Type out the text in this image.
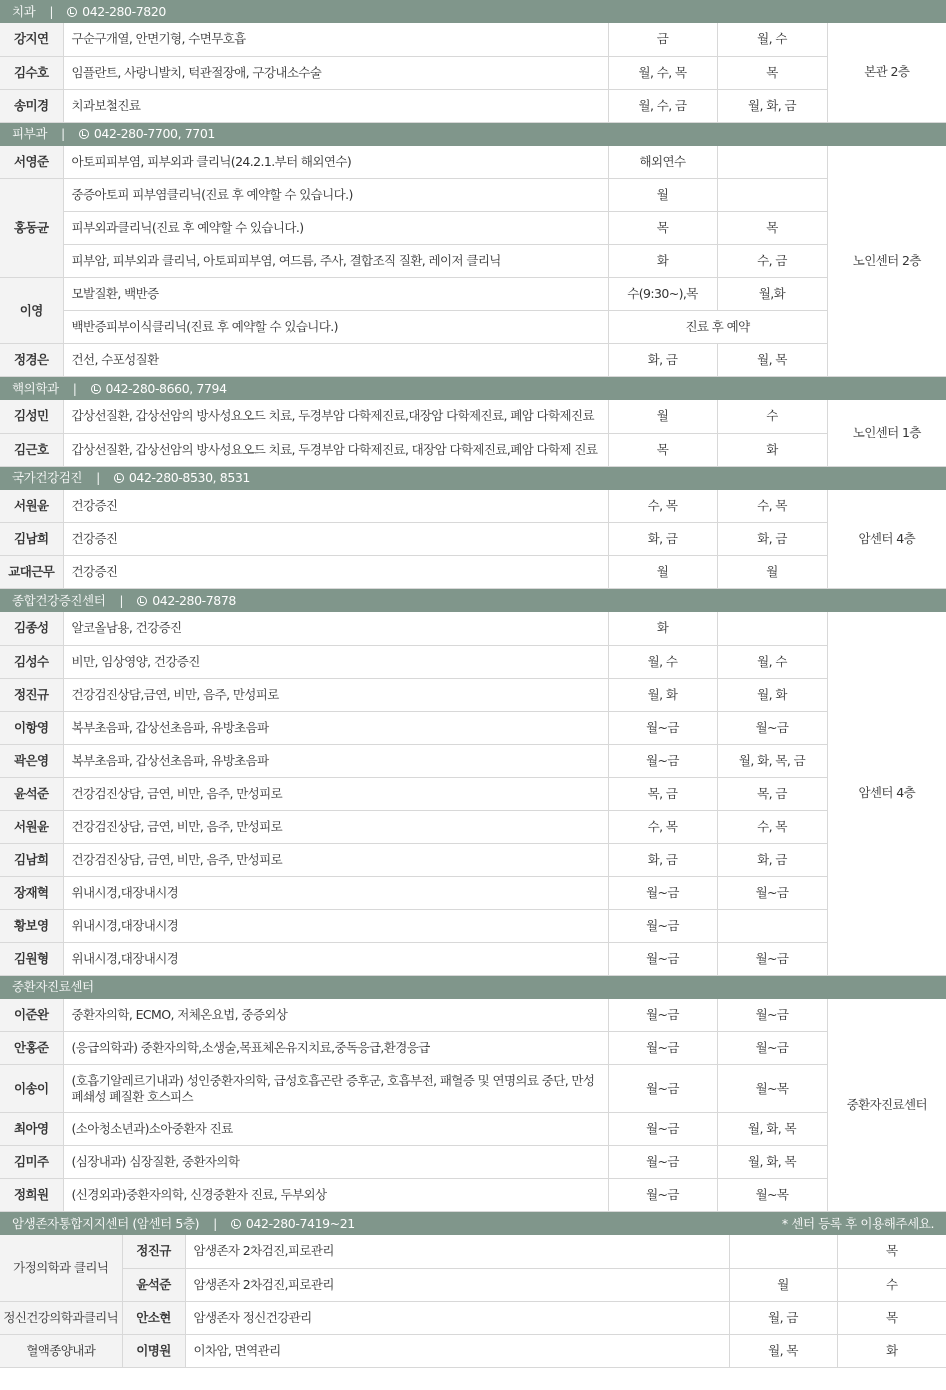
치과 | 042-280-7820				
강지연	구순구개열, 안면기형, 수면무호흡	금	월, 수	본관 2층
김수호	임플란트, 사랑니발치, 턱관절장애, 구강내소수술	월, 수, 목	목	
송미경	치과보철진료	월, 수, 금	월, 화, 금	
피부과 | 042-280-7700, 7701				
서영준	아토피피부염, 피부외과 클리닉(24.2.1.부터 해외연수)	해외연수		노인센터 2층
홍동균	중증아토피 피부염클리닉(진료 후 예약할 수 있습니다.)	월		
	피부외과클리닉(진료 후 예약할 수 있습니다.)	목	목	
	피부암, 피부외과 클리닉, 아토피피부염, 여드름, 주사, 결합조직 질환, 레이저 클리닉	화	수, 금	
이영	모발질환, 백반증	수(9:30~),목	월,화	
	백반증피부이식클리닉(진료 후 예약할 수 있습니다.)	진료 후 예약		
정경은	건선, 수포성질환	화, 금	월, 목	
핵의학과 | 042-280-8660, 7794				
김성민	갑상선질환, 갑상선암의 방사성요오드 치료, 두경부암 다학제진료,대장암 다학제진료, 폐암 다학제진료	월	수	노인센터 1층
김근호	갑상선질환, 갑상선암의 방사성요오드 치료, 두경부암 다학제진료, 대장암 다학제진료,폐암 다학제 진료	목	화	
국가건강검진 | 042-280-8530, 8531				
서원윤	건강증진	수, 목	수, 목	암센터 4층
김남희	건강증진	화, 금	화, 금	
교대근무	건강증진	월	월	
종합건강증진센터 | 042-280-7878				
김종성	알코올남용, 건강증진	화		암센터 4층
김성수	비만, 임상영양, 건강증진	월, 수	월, 수	
정진규	건강검진상담,금연, 비만, 음주, 만성피로	월, 화	월, 화	
이항영	복부초음파, 갑상선초음파, 유방초음파	월~금	월~금	
곽은영	복부초음파, 갑상선초음파, 유방초음파	월~금	월, 화, 목, 금	
윤석준	건강검진상담, 금연, 비만, 음주, 만성피로	목, 금	목, 금	
서원윤	건강검진상담, 금연, 비만, 음주, 만성피로	수, 목	수, 목	
김남희	건강검진상담, 금연, 비만, 음주, 만성피로	화, 금	화, 금	
장재혁	위내시경,대장내시경	월~금	월~금	
황보영	위내시경,대장내시경	월~금		
김원형	위내시경,대장내시경	월~금	월~금	
중환자진료센터				
이준완	중환자의학, ECMO, 저체온요법, 중증외상	월~금	월~금	중환자진료센터
안홍준	(응급의학과) 중환자의학,소생술,목표체온유지치료,중독응급,환경응급	월~금	월~금	
이송이	(호흡기알레르기내과) 성인중환자의학, 급성호흡곤란 증후군, 호흡부전, 패혈증 및 연명의료 중단, 만성 폐쇄성 폐질환 호스피스	월~금	월~목	
최아영	(소아청소년과)소아중환자 진료	월~금	월, 화, 목	
김미주	(심장내과) 심장질환, 중환자의학	월~금	월, 화, 목	
정희원	(신경외과)중환자의학, 신경중환자 진료, 두부외상	월~금	월~목	
암생존자통합지지센터 (암센터 5층) | 042-280-7419~21 * 센터 등록 후 이용해주세요.				

가정의학과 클리닉	정진규	암생존자 2차검진,피로관리		목
	윤석준	암생존자 2차검진,피로관리	월	수
정신건강의학과클리닉	안소현	암생존자 정신건강관리	월, 금	목
혈액종양내과	이명원	이차암, 면역관리	월, 목	화
